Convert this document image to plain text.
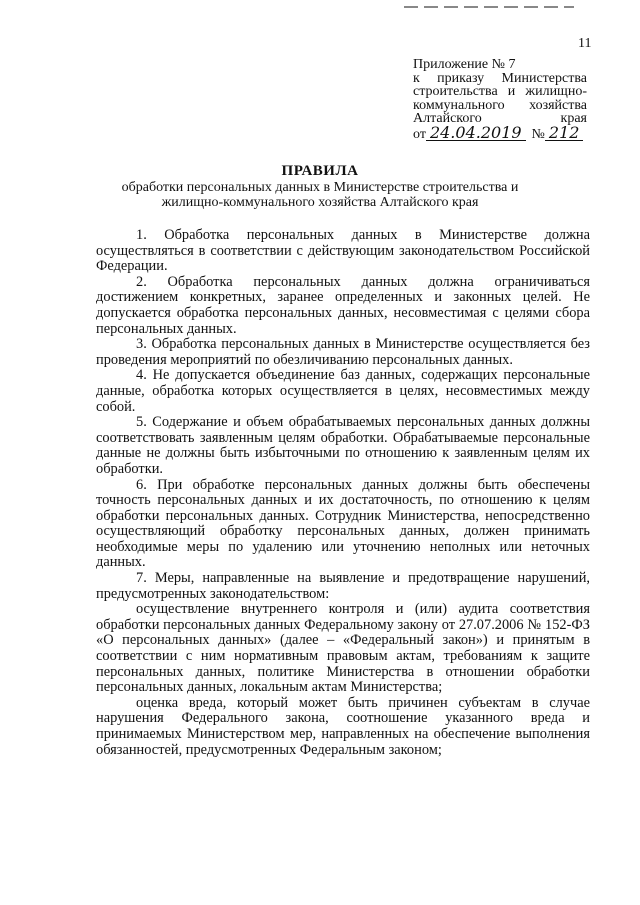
11
Приложение № 7
к приказу Министерства
строительства и жилищно-
коммунального хозяйства
Алтайского края
от 24.04.2019 № 212
ПРАВИЛА
обработки персональных данных в Министерстве строительства и жилищно-коммунального хозяйства Алтайского края

1. Обработка персональных данных в Министерстве должна осуществляться в соответствии с действующим законодательством Российской Федерации.

2. Обработка персональных данных должна ограничиваться достижением конкретных, заранее определенных и законных целей. Не допускается обработка персональных данных, несовместимая с целями сбора персональных данных.

3. Обработка персональных данных в Министерстве осуществляется без проведения мероприятий по обезличиванию персональных данных.

4. Не допускается объединение баз данных, содержащих персональные данные, обработка которых осуществляется в целях, несовместимых между собой.

5. Содержание и объем обрабатываемых персональных данных должны соответствовать заявленным целям обработки. Обрабатываемые персональные данные не должны быть избыточными по отношению к заявленным целям их обработки.

6. При обработке персональных данных должны быть обеспечены точность персональных данных и их достаточность, по отношению к целям обработки персональных данных. Сотрудник Министерства, непосредственно осуществляющий обработку персональных данных, должен принимать необходимые меры по удалению или уточнению неполных или неточных данных.

7. Меры, направленные на выявление и предотвращение нарушений, предусмотренных законодательством:

осуществление внутреннего контроля и (или) аудита соответствия обработки персональных данных Федеральному закону от 27.07.2006 № 152-ФЗ «О персональных данных» (далее – «Федеральный закон») и принятым в соответствии с ним нормативным правовым актам, требованиям к защите персональных данных, политике Министерства в отношении обработки персональных данных, локальным актам Министерства;

оценка вреда, который может быть причинен субъектам в случае нарушения Федерального закона, соотношение указанного вреда и принимаемых Министерством мер, направленных на обеспечение выполнения обязанностей, предусмотренных Федеральным законом;
